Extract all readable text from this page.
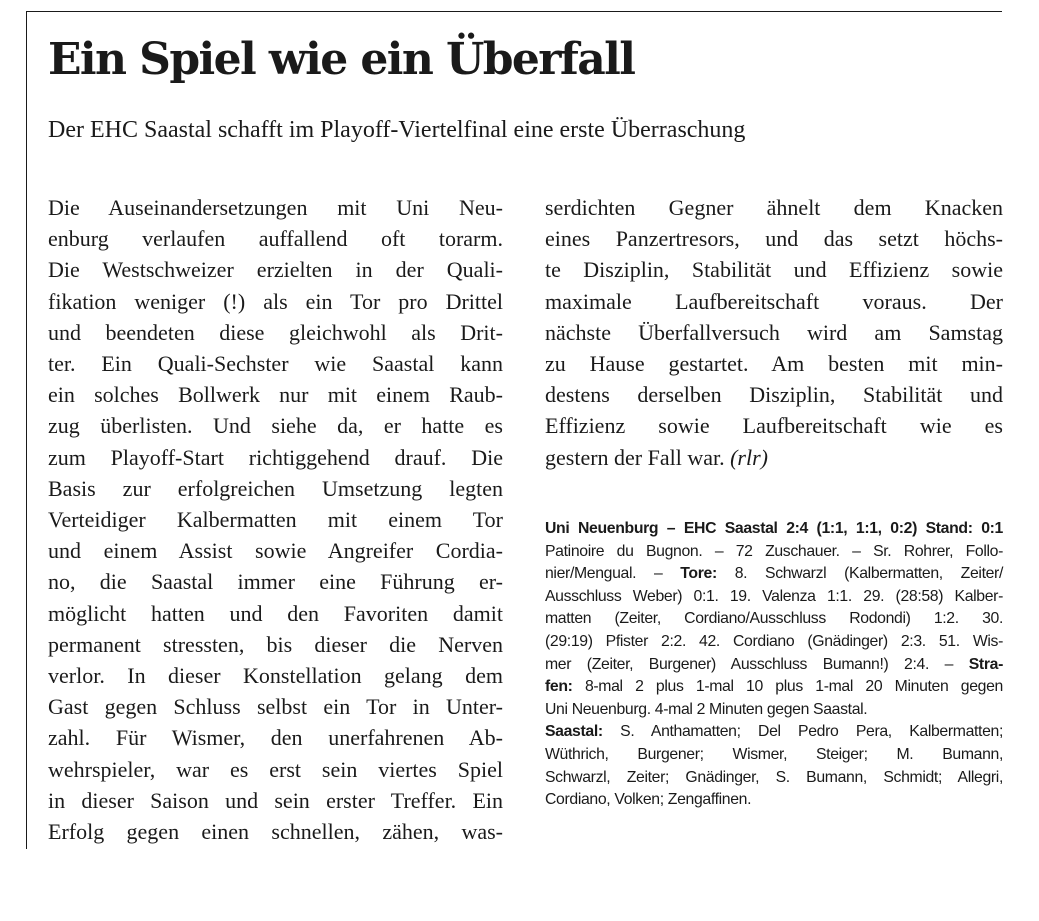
Ein Spiel wie ein Überfall
Der EHC Saastal schafft im Playoff-Viertelfinal eine erste Überraschung
Die Auseinandersetzungen mit Uni Neu-
enburg verlaufen auffallend oft torarm.
Die Westschweizer erzielten in der Quali-
fikation weniger (!) als ein Tor pro Drittel
und beendeten diese gleichwohl als Drit-
ter. Ein Quali-Sechster wie Saastal kann
ein solches Bollwerk nur mit einem Raub-
zug überlisten. Und siehe da, er hatte es
zum Playoff-Start richtiggehend drauf. Die
Basis zur erfolgreichen Umsetzung legten
Verteidiger Kalbermatten mit einem Tor
und einem Assist sowie Angreifer Cordia-
no, die Saastal immer eine Führung er-
möglicht hatten und den Favoriten damit
permanent stressten, bis dieser die Nerven
verlor. In dieser Konstellation gelang dem
Gast gegen Schluss selbst ein Tor in Unter-
zahl. Für Wismer, den unerfahrenen Ab-
wehrspieler, war es erst sein viertes Spiel
in dieser Saison und sein erster Treffer. Ein
Erfolg gegen einen schnellen, zähen, was-
serdichten Gegner ähnelt dem Knacken
eines Panzertresors, und das setzt höchs-
te Disziplin, Stabilität und Effizienz sowie
maximale Laufbereitschaft voraus. Der
nächste Überfallversuch wird am Samstag
zu Hause gestartet. Am besten mit min-
destens derselben Disziplin, Stabilität und
Effizienz sowie Laufbereitschaft wie es
gestern der Fall war. (rlr)
Uni Neuenburg – EHC Saastal 2:4 (1:1, 1:1, 0:2) Stand: 0:1
Patinoire du Bugnon. – 72 Zuschauer. – Sr. Rohrer, Follo-
nier/Mengual. – Tore: 8. Schwarzl (Kalbermatten, Zeiter/
Ausschluss Weber) 0:1. 19. Valenza 1:1. 29. (28:58) Kalber-
matten (Zeiter, Cordiano/Ausschluss Rodondi) 1:2. 30.
(29:19) Pfister 2:2. 42. Cordiano (Gnädinger) 2:3. 51. Wis-
mer (Zeiter, Burgener) Ausschluss Bumann!) 2:4. – Stra-
fen: 8-mal 2 plus 1-mal 10 plus 1-mal 20 Minuten gegen
Uni Neuenburg. 4-mal 2 Minuten gegen Saastal.
Saastal: S. Anthamatten; Del Pedro Pera, Kalbermatten;
Wüthrich, Burgener; Wismer, Steiger; M. Bumann,
Schwarzl, Zeiter; Gnädinger, S. Bumann, Schmidt; Allegri,
Cordiano, Volken; Zengaffinen.
